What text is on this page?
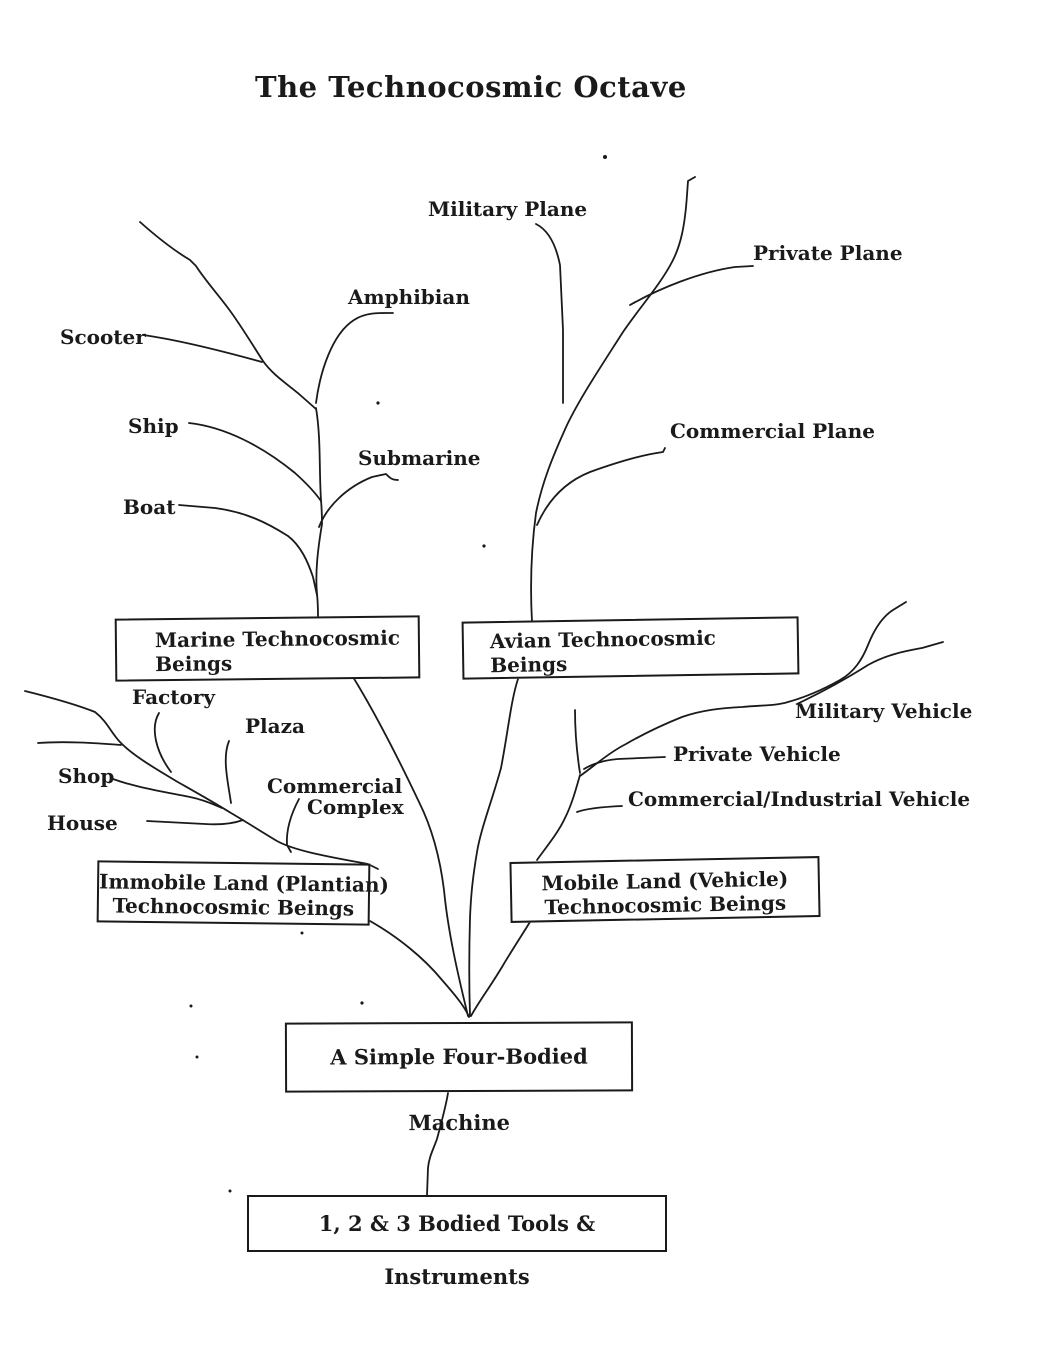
The Technocosmic Octave
Military Plane
Private Plane
Amphibian
Scooter
Ship
Submarine
Boat
Commercial Plane
Factory
Plaza
Shop
House
Commercial
Complex
Military Vehicle
Private Vehicle
Commercial/Industrial Vehicle
Marine Technocosmic
Beings
Avian Technocosmic
Beings
Immobile Land (Plantian)
Technocosmic Beings
Mobile Land (Vehicle)
Technocosmic Beings
A Simple Four-Bodied Machine
1, 2 & 3 Bodied Tools & Instruments
